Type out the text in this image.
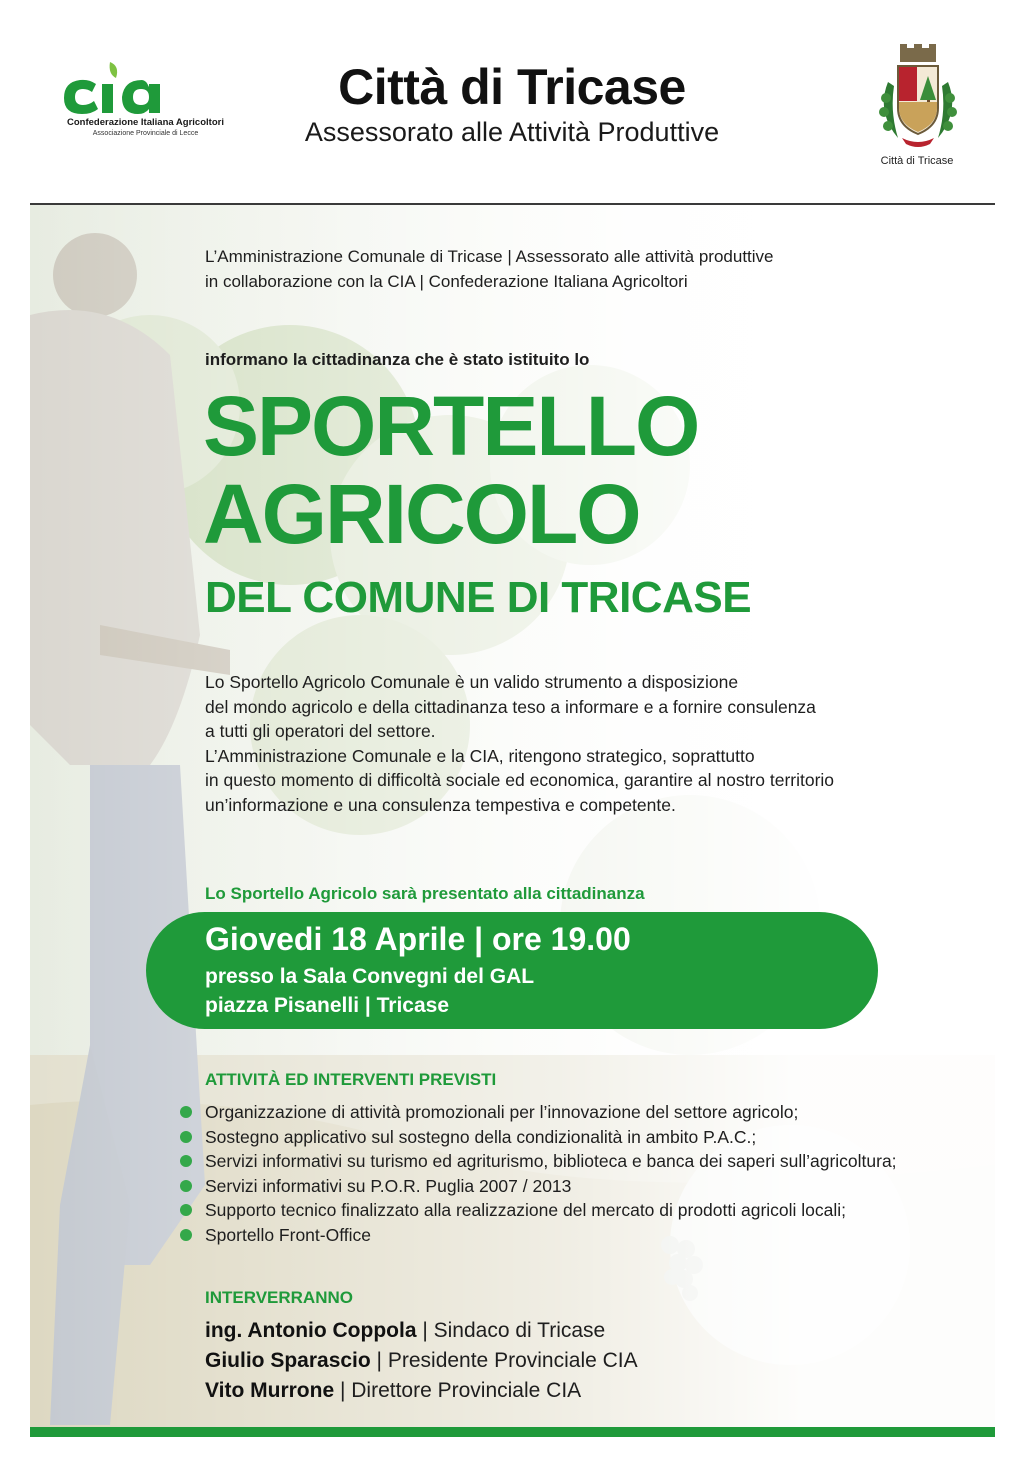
Confederazione Italiana Agricoltori
Associazione Provinciale di Lecce
Città di Tricase
Assessorato alle Attività Produttive
Città di Tricase
L’Amministrazione Comunale di Tricase | Assessorato alle attività produttive
in collaborazione con la CIA | Confederazione Italiana Agricoltori
informano la cittadinanza che è stato istituito lo
SPORTELLO
AGRICOLO
DEL COMUNE DI TRICASE
Lo Sportello Agricolo Comunale è un valido strumento a disposizione
del mondo agricolo e della cittadinanza teso a informare e a fornire consulenza
a tutti gli operatori del settore.
L’Amministrazione Comunale e la CIA, ritengono strategico, soprattutto
in questo momento di difficoltà sociale ed economica, garantire al nostro territorio
un’informazione e una consulenza tempestiva e competente.
Lo Sportello Agricolo sarà presentato alla cittadinanza
Giovedi 18 Aprile | ore 19.00
presso la Sala Convegni del GAL
piazza Pisanelli | Tricase
ATTIVITÀ ED INTERVENTI PREVISTI
Organizzazione di attività promozionali per l’innovazione del settore agricolo;
Sostegno applicativo sul sostegno della condizionalità in ambito P.A.C.;
Servizi informativi su turismo ed agriturismo, biblioteca e banca dei saperi sull’agricoltura;
Servizi informativi su P.O.R. Puglia 2007 / 2013
Supporto tecnico finalizzato alla realizzazione del mercato di prodotti agricoli locali;
Sportello Front-Office
INTERVERRANNO
ing. Antonio Coppola | Sindaco di Tricase
Giulio Sparascio | Presidente Provinciale CIA
Vito Murrone | Direttore Provinciale CIA
